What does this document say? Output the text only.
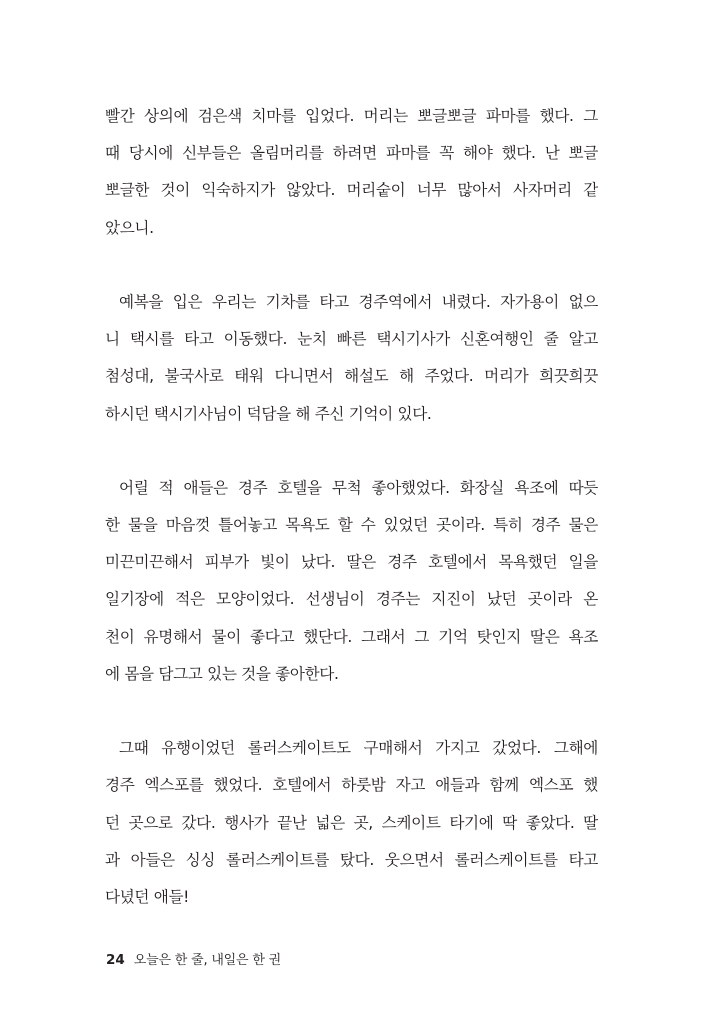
빨간 상의에 검은색 치마를 입었다. 머리는 뽀글뽀글 파마를 했다. 그
때 당시에 신부들은 올림머리를 하려면 파마를 꼭 해야 했다. 난 뽀글
뽀글한 것이 익숙하지가 않았다. 머리숱이 너무 많아서 사자머리 같
았으니.
예복을 입은 우리는 기차를 타고 경주역에서 내렸다. 자가용이 없으
니 택시를 타고 이동했다. 눈치 빠른 택시기사가 신혼여행인 줄 알고
첨성대, 불국사로 태워 다니면서 해설도 해 주었다. 머리가 희끗희끗
하시던 택시기사님이 덕담을 해 주신 기억이 있다.
어릴 적 애들은 경주 호텔을 무척 좋아했었다. 화장실 욕조에 따듯
한 물을 마음껏 틀어놓고 목욕도 할 수 있었던 곳이라. 특히 경주 물은
미끈미끈해서 피부가 빛이 났다. 딸은 경주 호텔에서 목욕했던 일을
일기장에 적은 모양이었다. 선생님이 경주는 지진이 났던 곳이라 온
천이 유명해서 물이 좋다고 했단다. 그래서 그 기억 탓인지 딸은 욕조
에 몸을 담그고 있는 것을 좋아한다.
그때 유행이었던 롤러스케이트도 구매해서 가지고 갔었다. 그해에
경주 엑스포를 했었다. 호텔에서 하룻밤 자고 애들과 함께 엑스포 했
던 곳으로 갔다. 행사가 끝난 넓은 곳, 스케이트 타기에 딱 좋았다. 딸
과 아들은 싱싱 롤러스케이트를 탔다. 웃으면서 롤러스케이트를 타고
다녔던 애들!
24 오늘은 한 줄, 내일은 한 권
